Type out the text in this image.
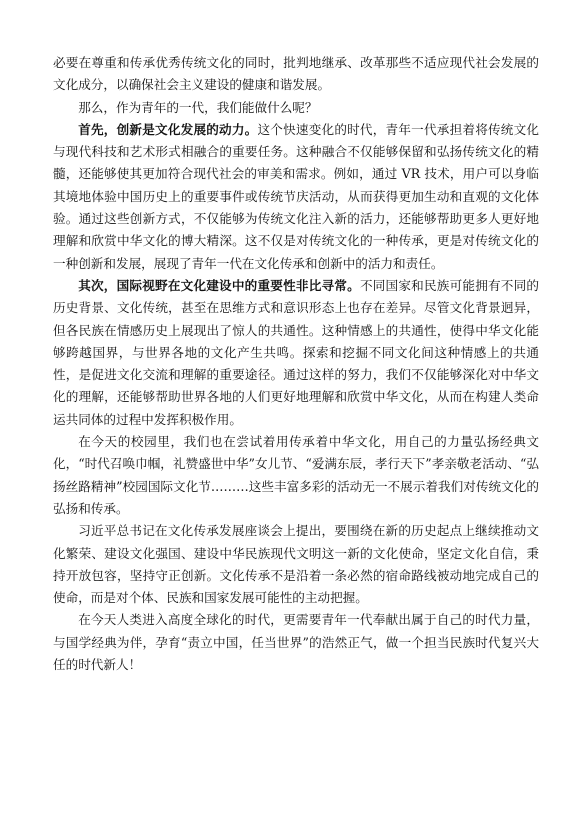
必要在尊重和传承优秀传统文化的同时，批判地继承、改革那些不适应现代社会发展的文化成分，以确保社会主义建设的健康和谐发展。

那么，作为青年的一代，我们能做什么呢？

首先，创新是文化发展的动力。这个快速变化的时代，青年一代承担着将传统文化与现代科技和艺术形式相融合的重要任务。这种融合不仅能够保留和弘扬传统文化的精髓，还能够使其更加符合现代社会的审美和需求。例如，通过 VR 技术，用户可以身临其境地体验中国历史上的重要事件或传统节庆活动，从而获得更加生动和直观的文化体验。通过这些创新方式，不仅能够为传统文化注入新的活力，还能够帮助更多人更好地理解和欣赏中华文化的博大精深。这不仅是对传统文化的一种传承，更是对传统文化的一种创新和发展，展现了青年一代在文化传承和创新中的活力和责任。

其次，国际视野在文化建设中的重要性非比寻常。不同国家和民族可能拥有不同的历史背景、文化传统，甚至在思维方式和意识形态上也存在差异。尽管文化背景迥异，但各民族在情感历史上展现出了惊人的共通性。这种情感上的共通性，使得中华文化能够跨越国界，与世界各地的文化产生共鸣。探索和挖掘不同文化间这种情感上的共通性，是促进文化交流和理解的重要途径。通过这样的努力，我们不仅能够深化对中华文化的理解，还能够帮助世界各地的人们更好地理解和欣赏中华文化，从而在构建人类命运共同体的过程中发挥积极作用。

在今天的校园里，我们也在尝试着用传承着中华文化，用自己的力量弘扬经典文化，“时代召唤巾帼，礼赞盛世中华”女儿节、“爱满东辰，孝行天下”孝亲敬老活动、“弘扬丝路精神”校园国际文化节………这些丰富多彩的活动无一不展示着我们对传统文化的弘扬和传承。

习近平总书记在文化传承发展座谈会上提出，要围绕在新的历史起点上继续推动文化繁荣、建设文化强国、建设中华民族现代文明这一新的文化使命，坚定文化自信，秉持开放包容，坚持守正创新。文化传承不是沿着一条必然的宿命路线被动地完成自己的使命，而是对个体、民族和国家发展可能性的主动把握。

在今天人类进入高度全球化的时代，更需要青年一代奉献出属于自己的时代力量，与国学经典为伴，孕育“责立中国，任当世界”的浩然正气，做一个担当民族时代复兴大任的时代新人！
